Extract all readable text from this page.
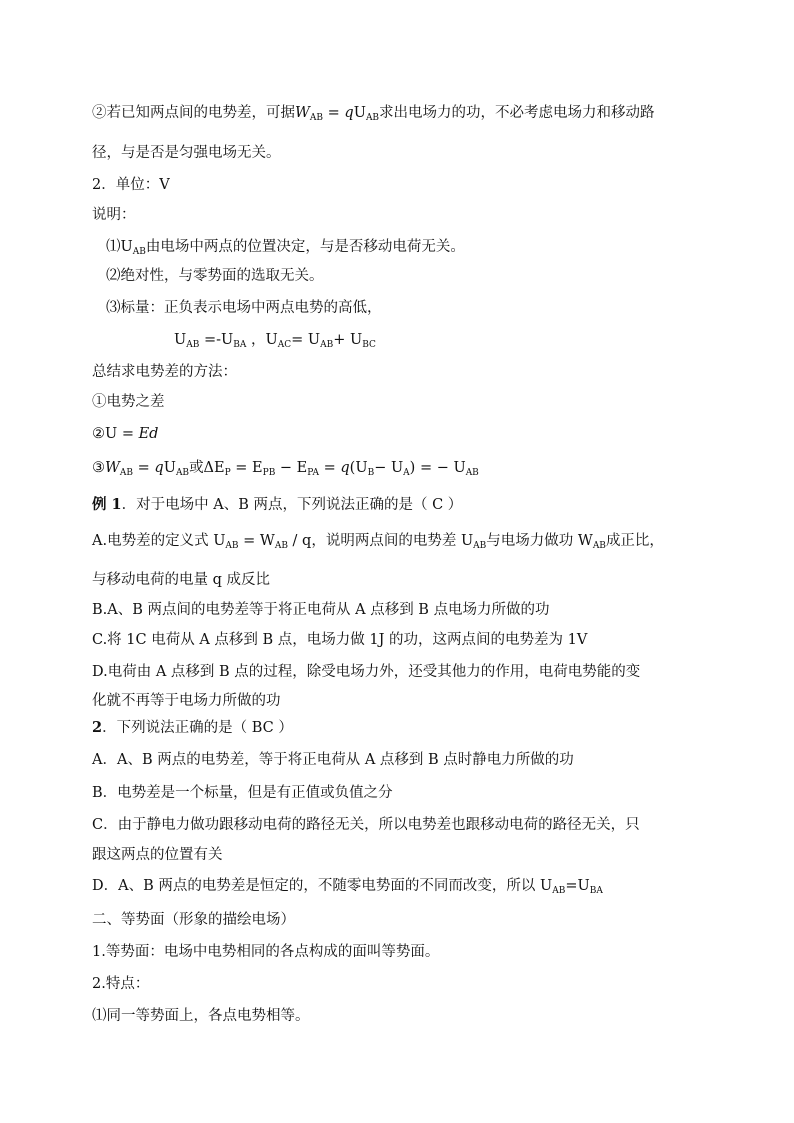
②若已知两点间的电势差，可据$W_{AB} = qU_{AB}$求出电场力的功，不必考虑电场力和移动路
径，与是否是匀强电场无关。
2．单位：V
说明：
$⑴U_{AB}$由电场中两点的位置决定，与是否移动电荷无关。
⑵绝对性，与零势面的选取无关。
⑶标量：正负表示电场中两点电势的高低，
$U_{AB} =-U_{BA}$ ，$U_{AC}= U_{AB}+ U_{BC}$
总结求电势差的方法：
①电势之差
②U = Ed
$③W_{AB} = qU_{AB}$或$\Delta E_P = E_{PB} - E_{PA} = q(U_B- U_A)$ = − $U_{AB}$
例 1．对于电场中 A、B 两点，下列说法正确的是（ C ）
A.电势差的定义式 $U_{AB} = W_{AB} / q$，说明两点间的电势差 $U_{AB}$与电场力做功 $W_{AB}$成正比，
与移动电荷的电量 q 成反比
B.A、B 两点间的电势差等于将正电荷从 A 点移到 B 点电场力所做的功
C.将 1C 电荷从 A 点移到 B 点，电场力做 1J 的功，这两点间的电势差为 1V
D.电荷由 A 点移到 B 点的过程，除受电场力外，还受其他力的作用，电荷电势能的变
化就不再等于电场力所做的功
2．下列说法正确的是（ BC ）
A．A、B 两点的电势差，等于将正电荷从 A 点移到 B 点时静电力所做的功
B．电势差是一个标量，但是有正值或负值之分
C．由于静电力做功跟移动电荷的路径无关，所以电势差也跟移动电荷的路径无关，只
跟这两点的位置有关
D．A、B 两点的电势差是恒定的，不随零电势面的不同而改变，所以 $U_{AB}=U_{BA}$
二、等势面（形象的描绘电场）
1.等势面：电场中电势相同的各点构成的面叫等势面。
2.特点：
⑴同一等势面上，各点电势相等。
